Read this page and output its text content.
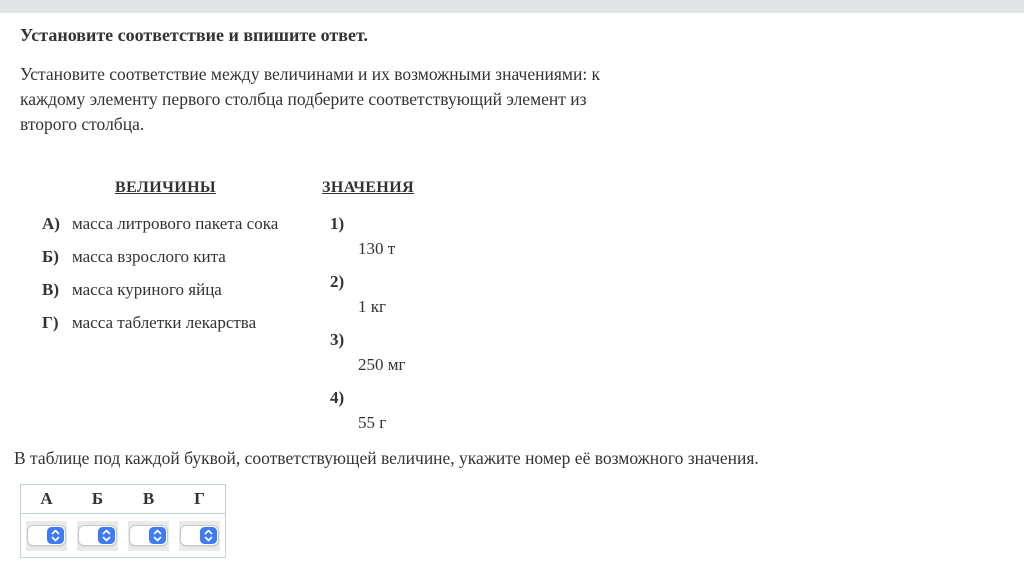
Установите соответствие и впишите ответ.
Установите соответствие между величинами и их возможными значениями: к каждому элементу первого столбца подберите соответствующий элемент из второго столбца.
ВЕЛИЧИНЫ	ЗНАЧЕНИЯ
А) масса литрового пакета сока
Б) масса взрослого кита
В) масса куриного яйца
Г) масса таблетки лекарства
1)
130 т
2)
1 кг
3)
250 мг
4)
55 г
В таблице под каждой буквой, соответствующей величине, укажите номер её возможного значения.
А	Б	В	Г
